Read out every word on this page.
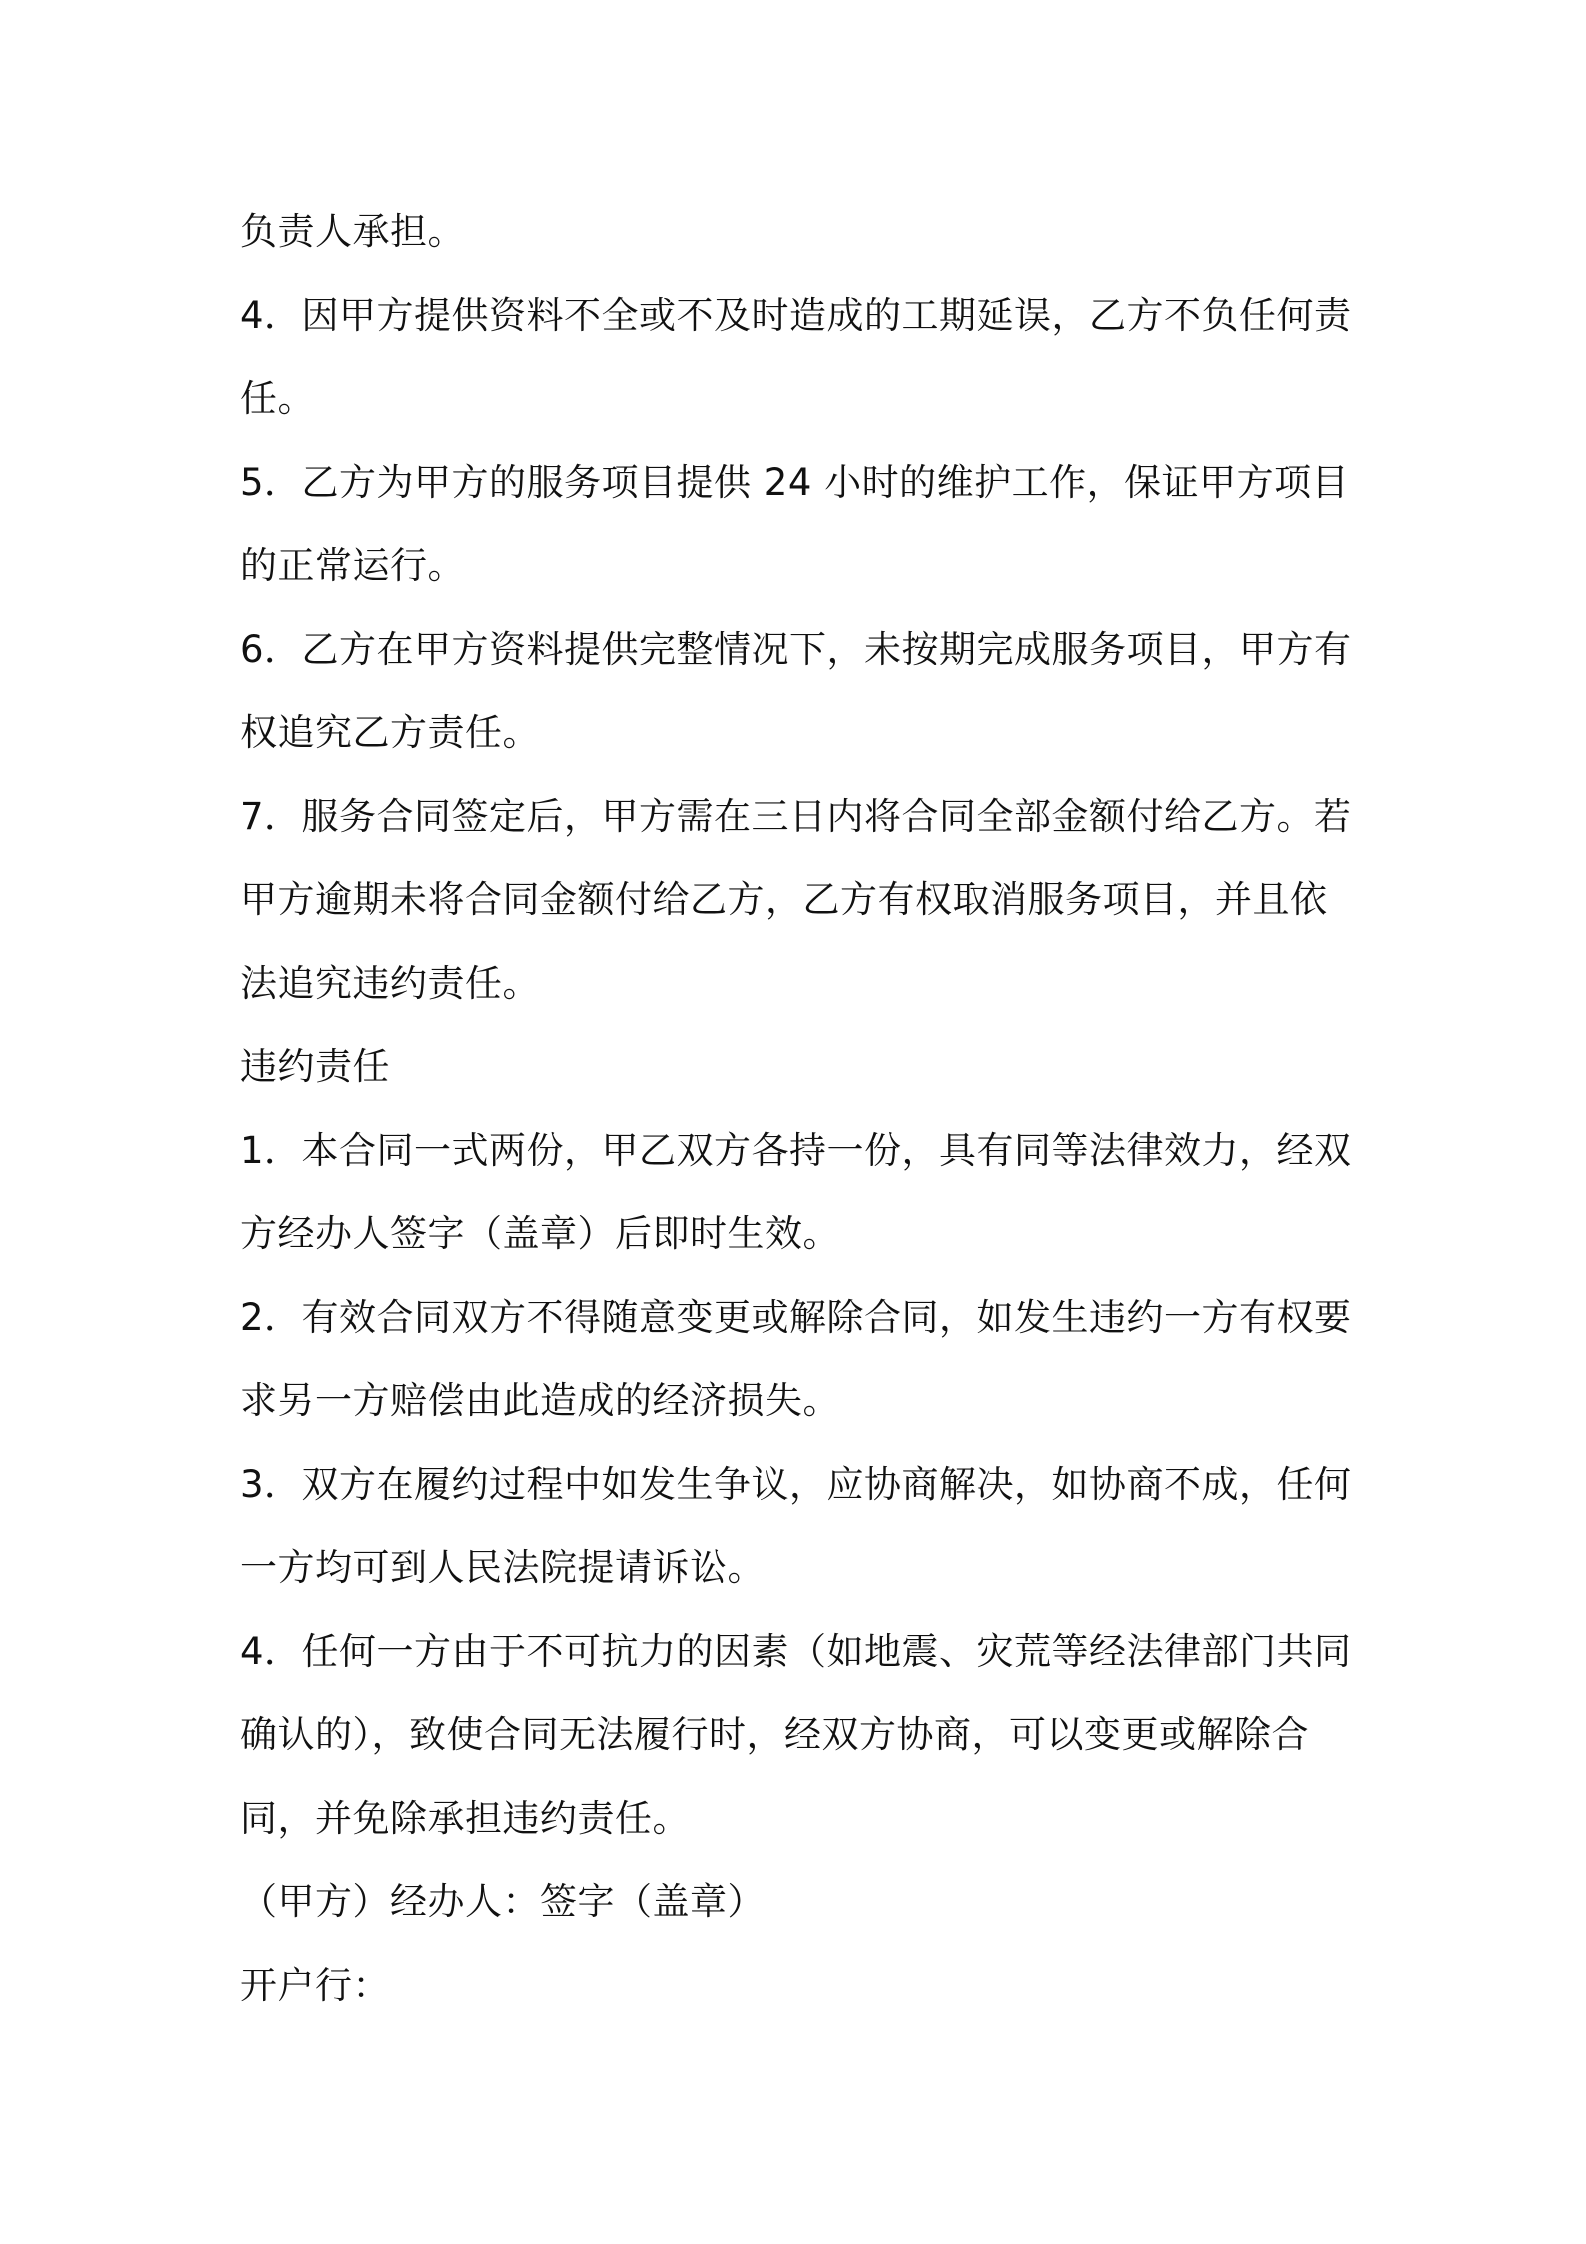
负责人承担。

4．因甲方提供资料不全或不及时造成的工期延误，乙方不负任何责任。

5．乙方为甲方的服务项目提供 24 小时的维护工作，保证甲方项目的正常运行。

6．乙方在甲方资料提供完整情况下，未按期完成服务项目，甲方有权追究乙方责任。

7．服务合同签定后，甲方需在三日内将合同全部金额付给乙方。若甲方逾期未将合同金额付给乙方，乙方有权取消服务项目，并且依法追究违约责任。

违约责任

1．本合同一式两份，甲乙双方各持一份，具有同等法律效力，经双方经办人签字（盖章）后即时生效。

2．有效合同双方不得随意变更或解除合同，如发生违约一方有权要求另一方赔偿由此造成的经济损失。

3．双方在履约过程中如发生争议，应协商解决，如协商不成，任何一方均可到人民法院提请诉讼。

4．任何一方由于不可抗力的因素（如地震、灾荒等经法律部门共同确认的），致使合同无法履行时，经双方协商，可以变更或解除合同，并免除承担违约责任。

（甲方）经办人：签字（盖章）

开户行：
